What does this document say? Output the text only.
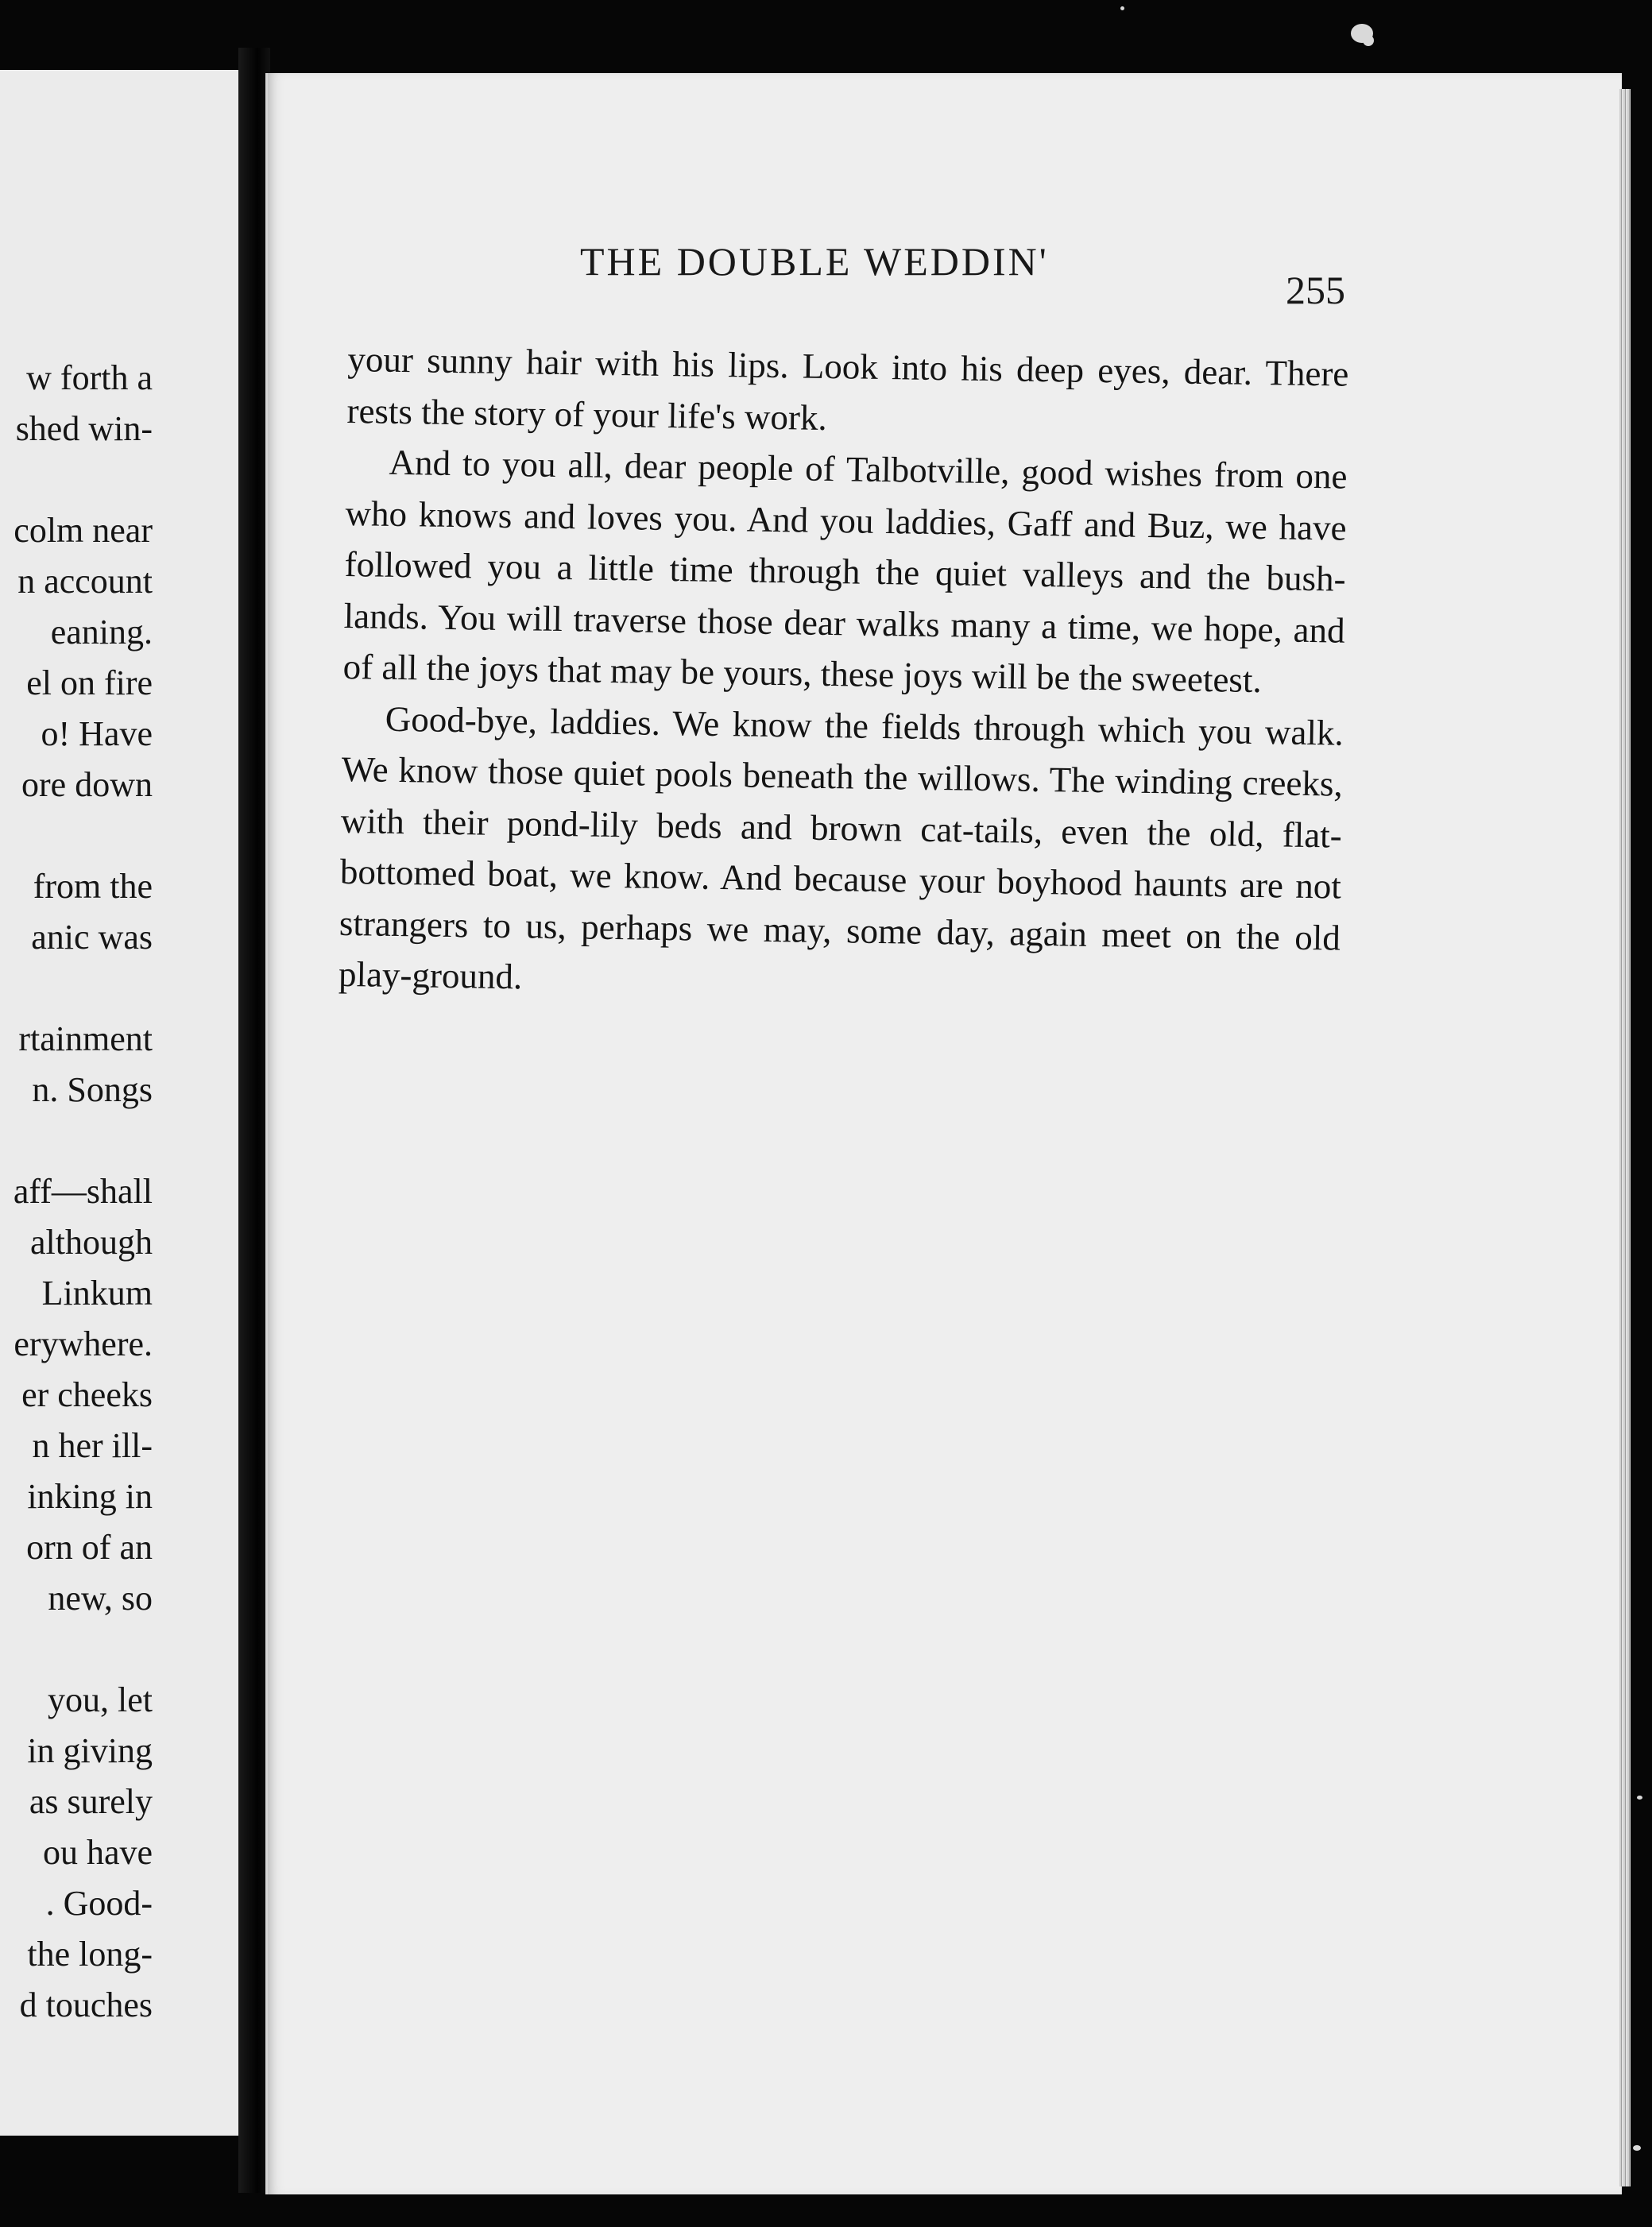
w forth a
shed win-
colm near
n account
eaning.
el on fire
o! Have
ore down
from the
anic was
rtainment
n. Songs
aff—shall
although
Linkum
erywhere.
er cheeks
n her ill-
inking in
orn of an
new, so
you, let
in giving
as surely
ou have
. Good-
the long-
d touches
THE DOUBLE WEDDIN'
255

your sunny hair with his lips. Look into his deep eyes, dear. There rests the story of your life's work.

And to you all, dear people of Talbotville, good wishes from one who knows and loves you. And you laddies, Gaff and Buz, we have followed you a little time through the quiet valleys and the bush-lands. You will traverse those dear walks many a time, we hope, and of all the joys that may be yours, these joys will be the sweetest.

Good-bye, laddies. We know the fields through which you walk. We know those quiet pools beneath the willows. The winding creeks, with their pond-lily beds and brown cat-tails, even the old, flat-bottomed boat, we know. And because your boyhood haunts are not strangers to us, perhaps we may, some day, again meet on the old play-ground.
